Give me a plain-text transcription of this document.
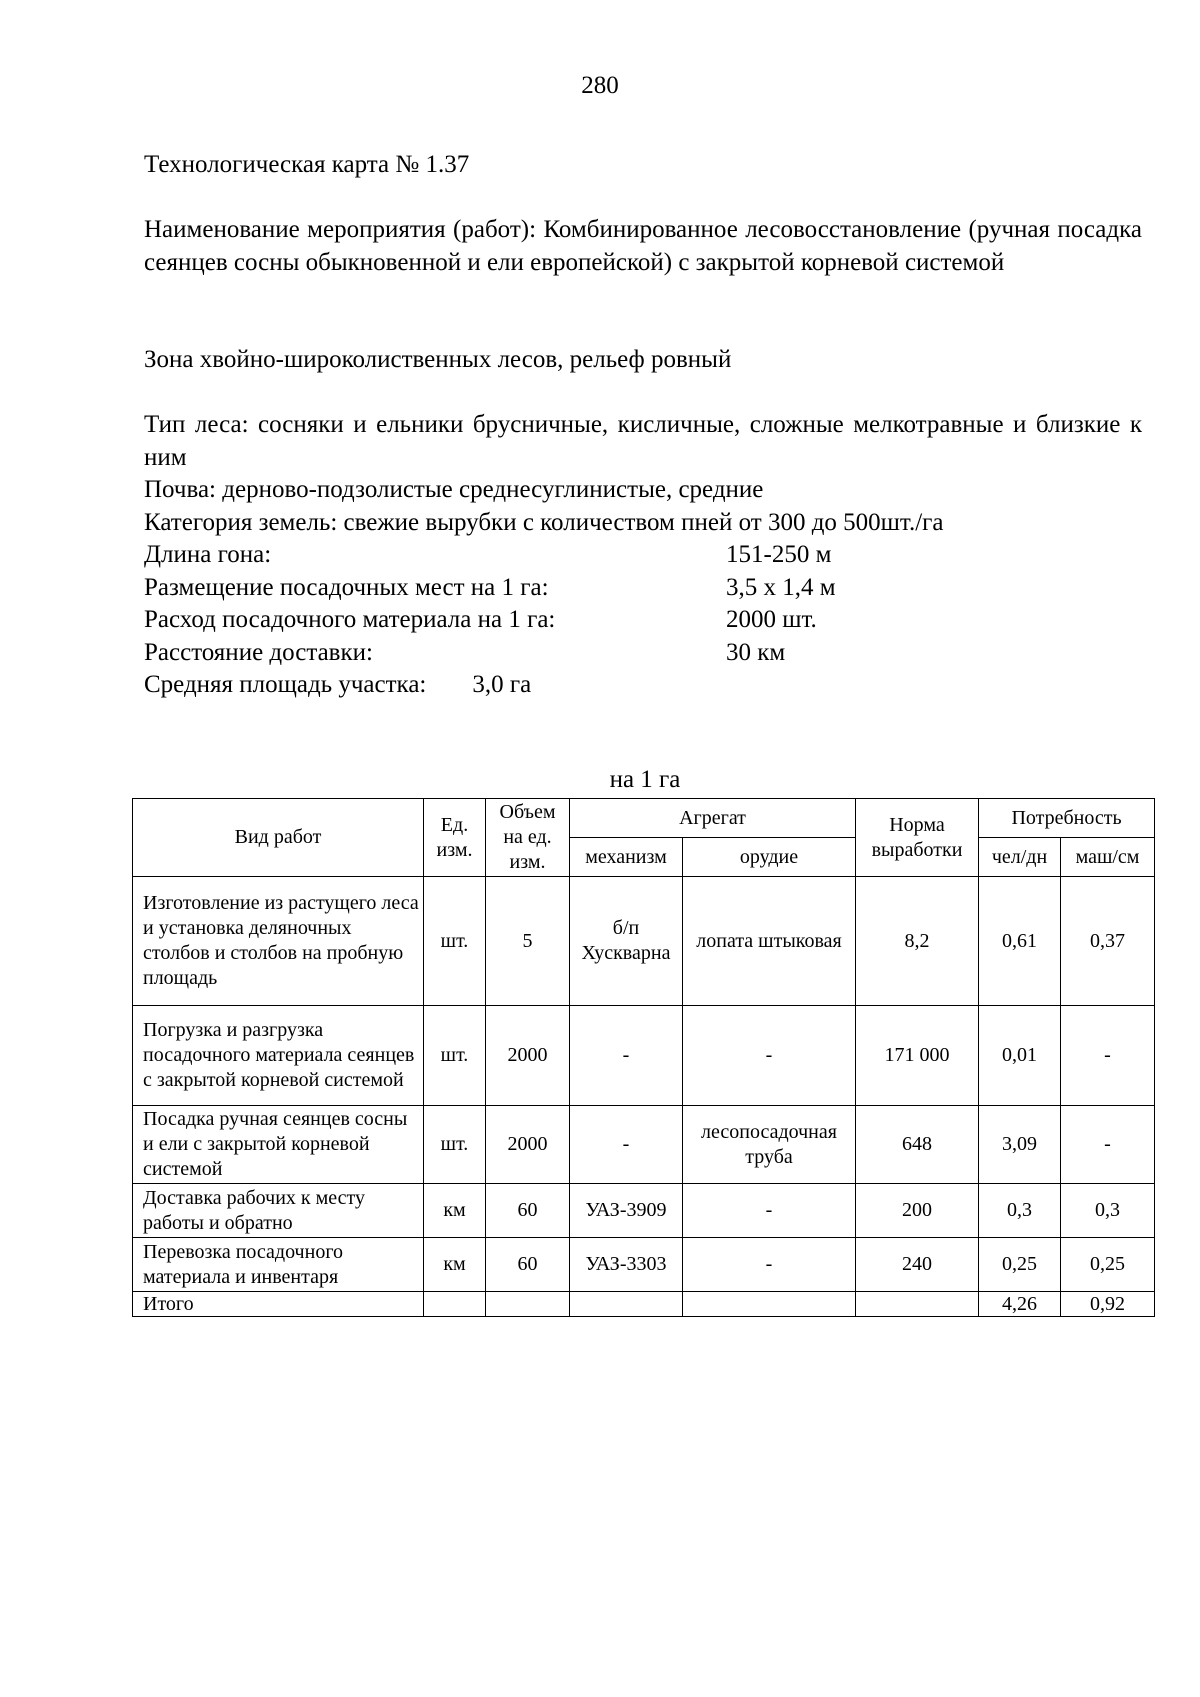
280
Технологическая карта № 1.37
Наименование мероприятия (работ): Комбинированное лесовосстановление (ручная посадка сеянцев сосны обыкновенной и ели европейской) с закрытой корневой системой
Зона хвойно-широколиственных лесов, рельеф ровный
Тип леса: сосняки и ельники брусничные, кисличные, сложные мелкотравные и близкие к ним
Почва: дерново-подзолистые среднесуглинистые, средние
Категория земель: свежие вырубки с количеством пней от 300 до 500шт./га
Длина гона:	151-250 м
Размещение посадочных мест на 1 га:	3,5 х 1,4 м
Расход посадочного материала на 1 га:	2000 шт.
Расстояние доставки:	30 км
Средняя площадь участка: 3,0 га
на 1 га
Вид работ	Ед. изм.	Объем на ед. изм.	Агрегат		Норма выработки	Потребность	
			механизм	орудие		чел/дн	маш/см
Изготовление из растущего леса и установка деляночных столбов и столбов на пробную площадь	шт.	5	б/п Хускварна	лопата штыковая	8,2	0,61	0,37
Погрузка и разгрузка посадочного материала сеянцев с закрытой корневой системой	шт.	2000	-	-	171 000	0,01	-
Посадка ручная сеянцев сосны и ели с закрытой корневой системой	шт.	2000	-	лесопосадочная труба	648	3,09	-
Доставка рабочих к месту работы и обратно	км	60	УАЗ-3909	-	200	0,3	0,3
Перевозка посадочного материала и инвентаря	км	60	УАЗ-3303	-	240	0,25	0,25
Итого						4,26	0,92
